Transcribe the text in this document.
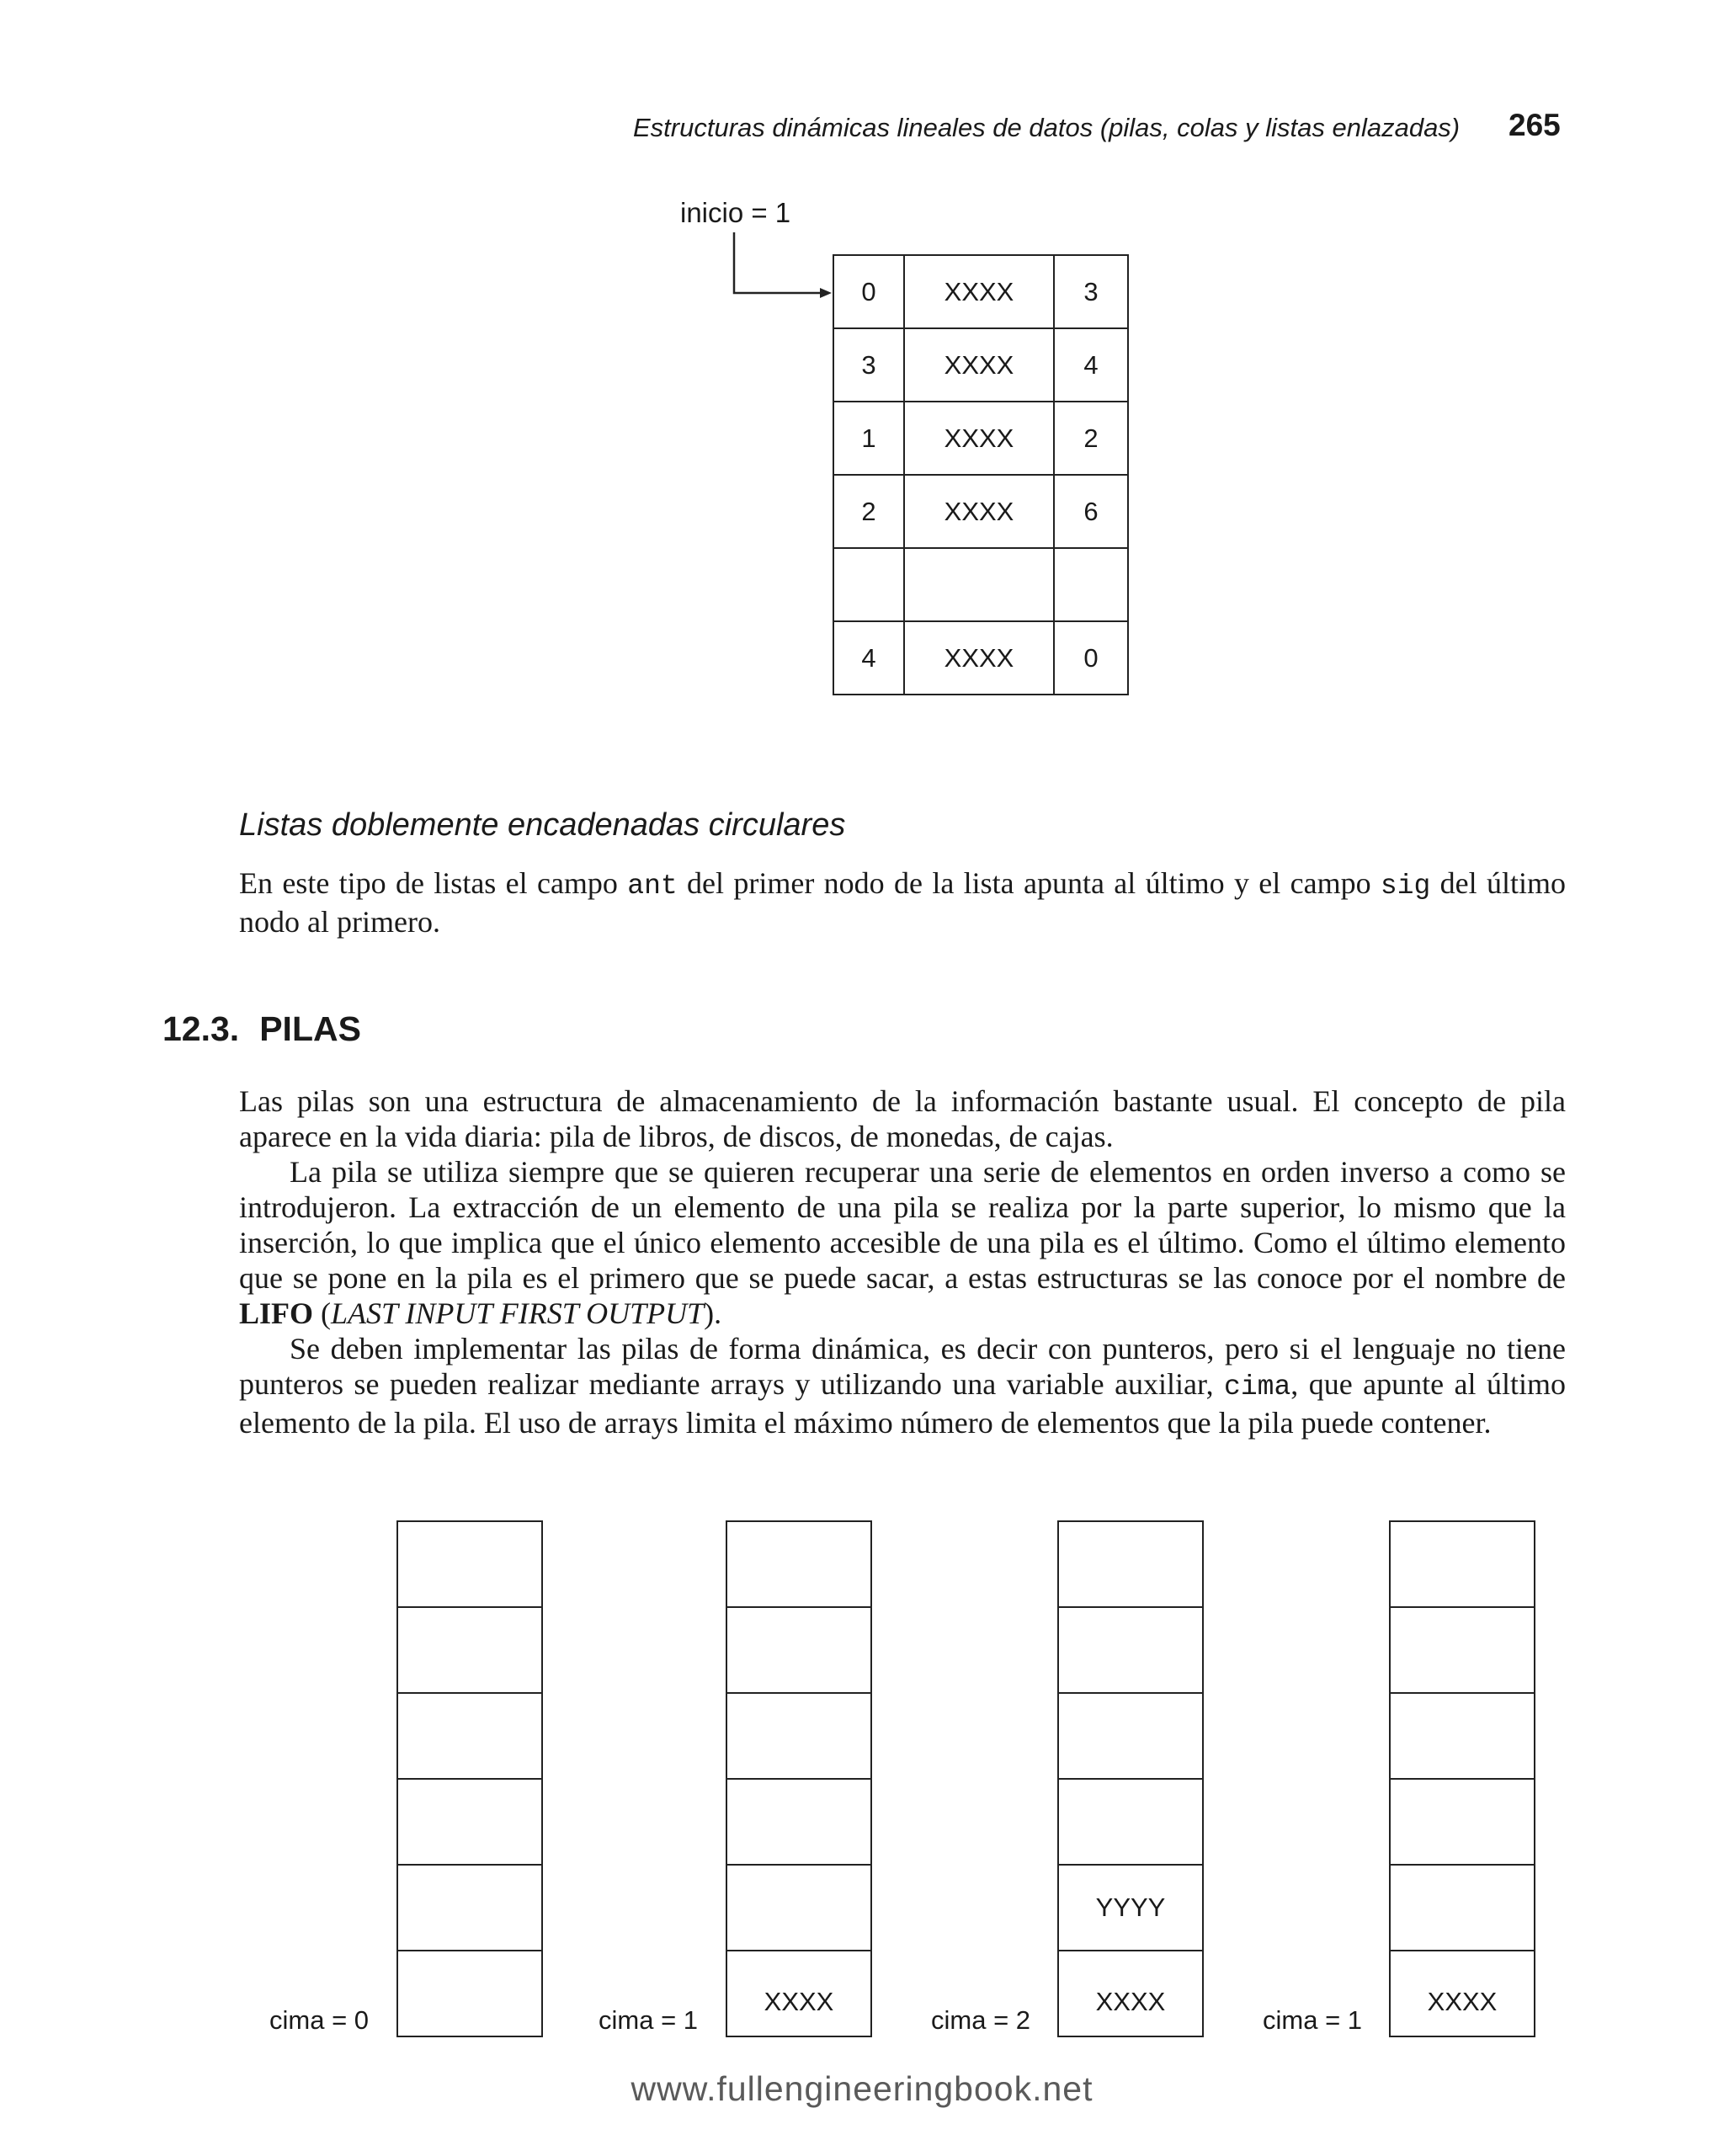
Estructuras dinámicas lineales de datos (pilas, colas y listas enlazadas) 265
inicio = 1
0	XXXX	3
3	XXXX	4
1	XXXX	2
2	XXXX	6

4	XXXX	0
Listas doblemente encadenadas circulares

En este tipo de listas el campo ant del primer nodo de la lista apunta al último y el campo sig del último nodo al primero.

12.3. PILAS

Las pilas son una estructura de almacenamiento de la información bastante usual. El concepto de pila aparece en la vida diaria: pila de libros, de discos, de monedas, de cajas.

La pila se utiliza siempre que se quieren recuperar una serie de elementos en orden inverso a como se introdujeron. La extracción de un elemento de una pila se realiza por la parte superior, lo mismo que la inserción, lo que implica que el único elemento accesible de una pila es el último. Como el último elemento que se pone en la pila es el primero que se puede sacar, a estas estructuras se las conoce por el nombre de LIFO (LAST INPUT FIRST OUTPUT).

Se deben implementar las pilas de forma dinámica, es decir con punteros, pero si el lenguaje no tiene punteros se pueden realizar mediante arrays y utilizando una variable auxiliar, cima, que apunte al último elemento de la pila. El uso de arrays limita el máximo número de elementos que la pila puede contener.

XXXX
YYYY
XXXX	XXXX
cima = 0	cima = 1	cima = 2	cima = 1
www.fullengineeringbook.net
